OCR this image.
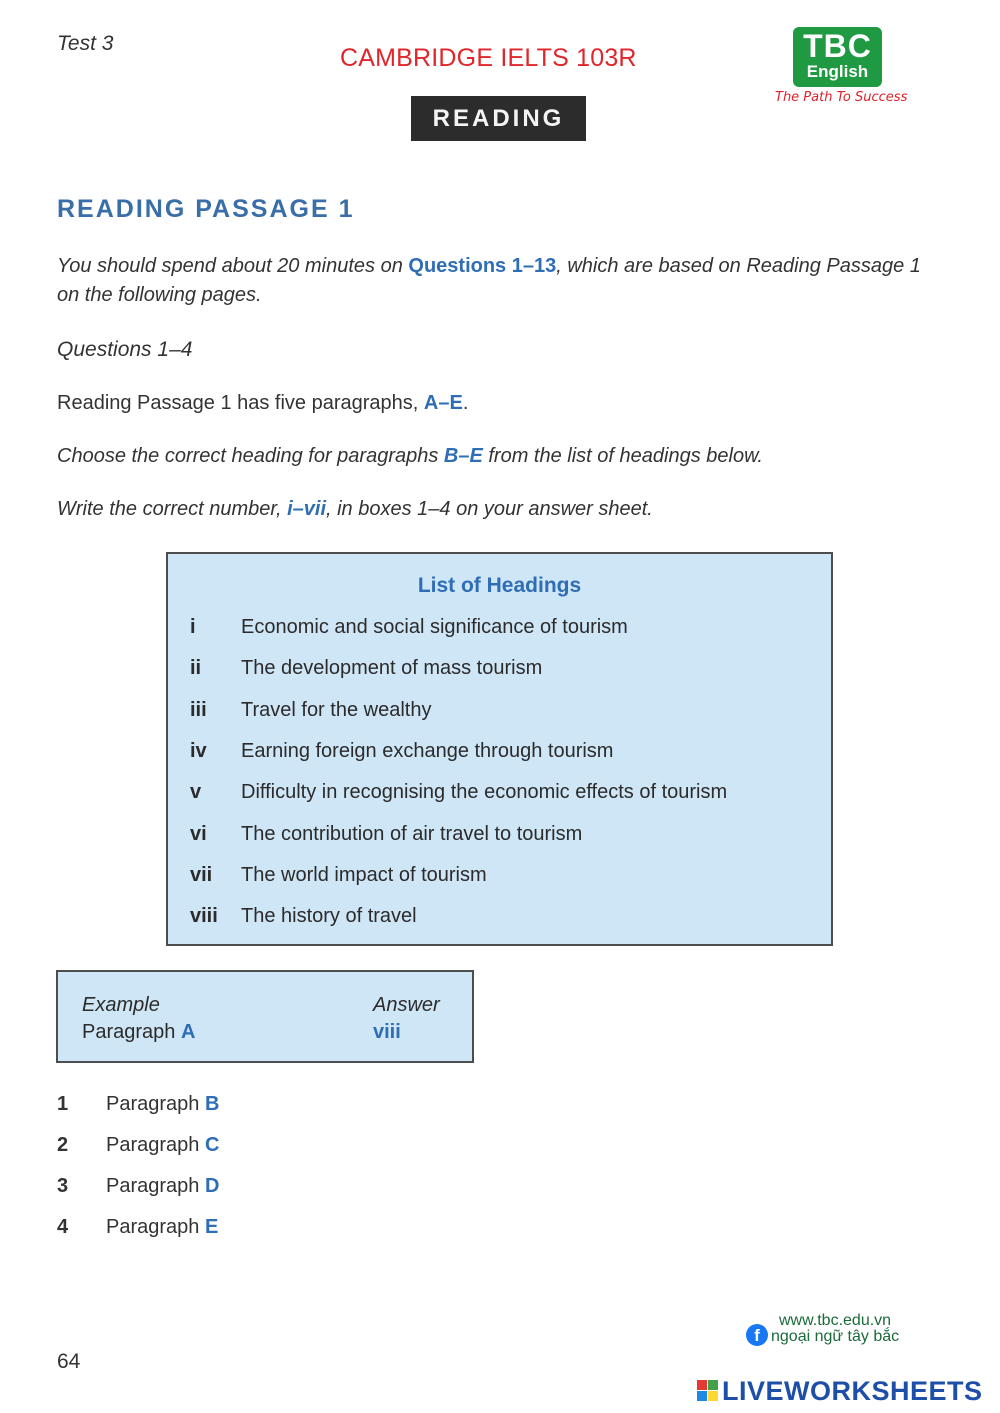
Test 3
CAMBRIDGE IELTS 103R	TBC
English
The Path To Success
READING
READING PASSAGE 1
You should spend about 20 minutes on Questions 1–13, which are based on Reading Passage 1 on the following pages.
Questions 1–4
Reading Passage 1 has five paragraphs, A–E.
Choose the correct heading for paragraphs B–E from the list of headings below.
Write the correct number, i–vii, in boxes 1–4 on your answer sheet.
List of Headings
i Economic and social significance of tourism
ii The development of mass tourism
iii Travel for the wealthy
iv Earning foreign exchange through tourism
v Difficulty in recognising the economic effects of tourism
vi The contribution of air travel to tourism
vii The world impact of tourism
viii The history of travel
Example
Paragraph A
Answer
viii
1 Paragraph B
2 Paragraph C
3 Paragraph D
4 Paragraph E
64
www.tbc.edu.vn
f ngoại ngữ tây bắc
LIVEWORKSHEETS
